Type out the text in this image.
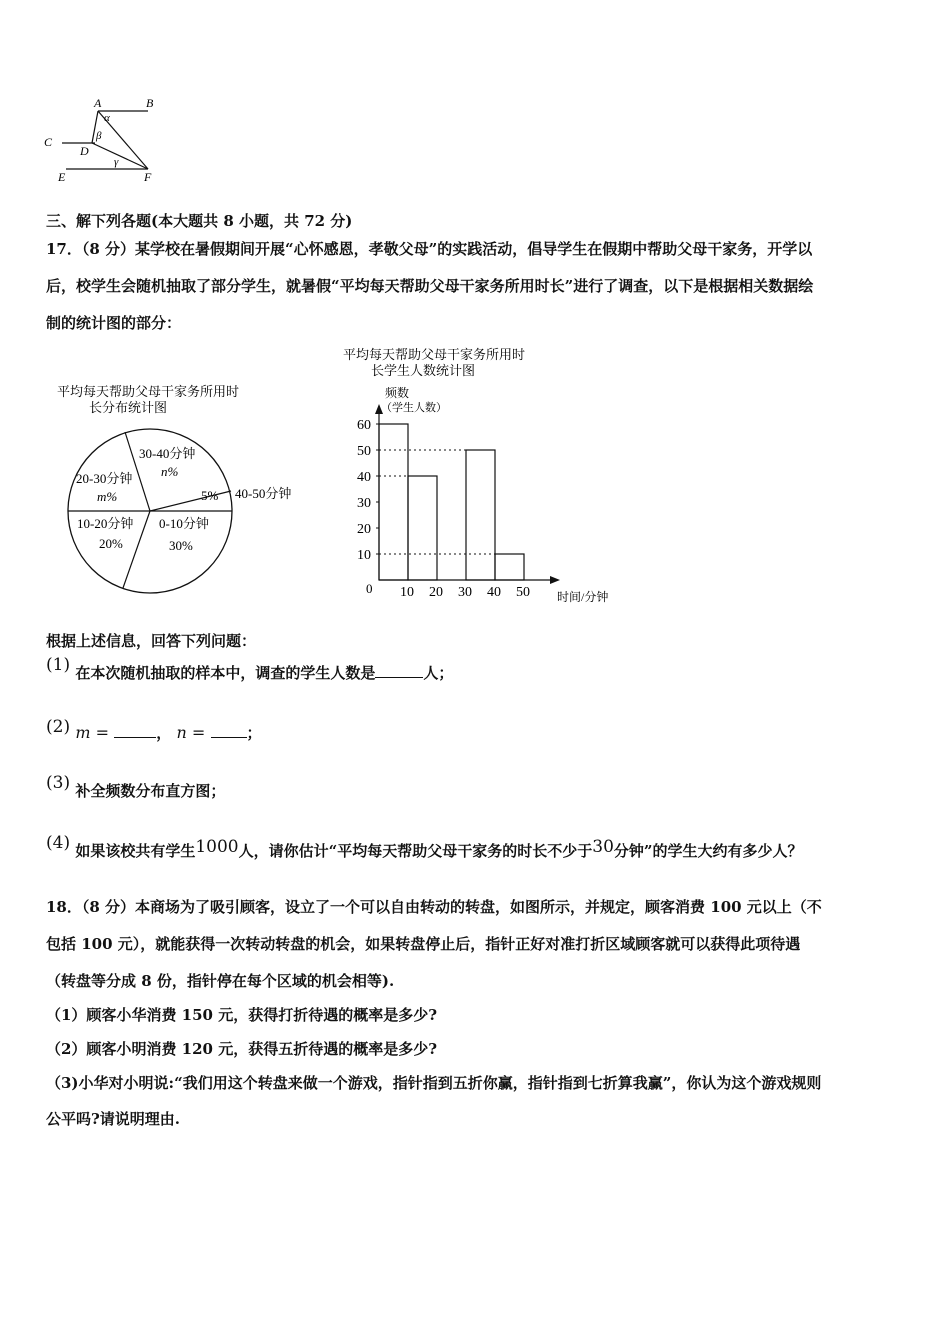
A	B
C
D
E	F
α
β
γ
三、解下列各题(本大题共 8 小题，共 72 分)
17．（8 分）某学校在暑假期间开展“心怀感恩，孝敬父母”的实践活动，倡导学生在假期中帮助父母干家务，开学以
后，校学生会随机抽取了部分学生，就暑假“平均每天帮助父母干家务所用时长”进行了调查，以下是根据相关数据绘
制的统计图的部分：
平均每天帮助父母干家务所用时
长分布统计图
30-40分钟
n%
5% 40-50分钟
20-30分钟
m%
10-20分钟
20%
0-10分钟
30%
平均每天帮助父母干家务所用时
长学生人数统计图
频数
（学生人数）
时间/分钟
0
60
50
40
30
20
10
10 20 30 40 50
根据上述信息，回答下列问题：
(1) 在本次随机抽取的样本中，调查的学生人数是	人；
(2) m =	， n =	；
(3) 补全频数分布直方图；
(4) 如果该校共有学生1000人，请你估计“平均每天帮助父母干家务的时长不少于30分钟”的学生大约有多少人？
18．（8 分）本商场为了吸引顾客，设立了一个可以自由转动的转盘，如图所示，并规定，顾客消费 100 元以上（不
包括 100 元），就能获得一次转动转盘的机会，如果转盘停止后，指针正好对准打折区域顾客就可以获得此项待遇
（转盘等分成 8 份，指针停在每个区域的机会相等).
（1）顾客小华消费 150 元，获得打折待遇的概率是多少?
（2）顾客小明消费 120 元，获得五折待遇的概率是多少?
（3)小华对小明说:“我们用这个转盘来做一个游戏，指针指到五折你赢，指针指到七折算我赢”，你认为这个游戏规则
公平吗?请说明理由.
